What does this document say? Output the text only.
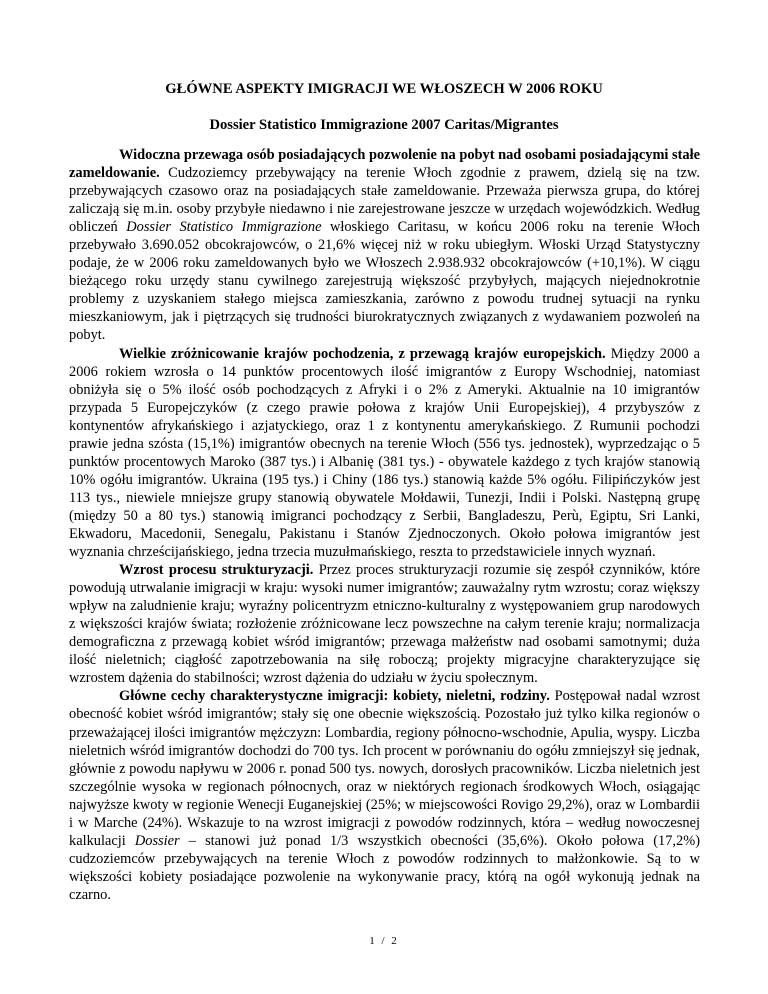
GŁÓWNE ASPEKTY IMIGRACJI WE WŁOSZECH W 2006 ROKU
Dossier Statistico Immigrazione 2007 Caritas/Migrantes

Widoczna przewaga osób posiadających pozwolenie na pobyt nad osobami posiadającymi stałe zameldowanie. Cudzoziemcy przebywający na terenie Włoch zgodnie z prawem, dzielą się na tzw. przebywających czasowo oraz na posiadających stałe zameldowanie. Przeważa pierwsza grupa, do której zaliczają się m.in. osoby przybyłe niedawno i nie zarejestrowane jeszcze w urzędach wojewódzkich. Według obliczeń Dossier Statistico Immigrazione włoskiego Caritasu, w końcu 2006 roku na terenie Włoch przebywało 3.690.052 obcokrajowców, o 21,6% więcej niż w roku ubiegłym. Włoski Urząd Statystyczny podaje, że w 2006 roku zameldowanych było we Włoszech 2.938.932 obcokrajowców (+10,1%). W ciągu bieżącego roku urzędy stanu cywilnego zarejestrują większość przybyłych, mających niejednokrotnie problemy z uzyskaniem stałego miejsca zamieszkania, zarówno z powodu trudnej sytuacji na rynku mieszkaniowym, jak i piętrzących się trudności biurokratycznych związanych z wydawaniem pozwoleń na pobyt.

Wielkie zróżnicowanie krajów pochodzenia, z przewagą krajów europejskich. Między 2000 a 2006 rokiem wzrosła o 14 punktów procentowych ilość imigrantów z Europy Wschodniej, natomiast obniżyła się o 5% ilość osób pochodzących z Afryki i o 2% z Ameryki. Aktualnie na 10 imigrantów przypada 5 Europejczyków (z czego prawie połowa z krajów Unii Europejskiej), 4 przybyszów z kontynentów afrykańskiego i azjatyckiego, oraz 1 z kontynentu amerykańskiego. Z Rumunii pochodzi prawie jedna szósta (15,1%) imigrantów obecnych na terenie Włoch (556 tys. jednostek), wyprzedzając o 5 punktów procentowych Maroko (387 tys.) i Albanię (381 tys.) - obywatele każdego z tych krajów stanowią 10% ogółu imigrantów. Ukraina (195 tys.) i Chiny (186 tys.) stanowią każde 5% ogółu. Filipińczyków jest 113 tys., niewiele mniejsze grupy stanowią obywatele Mołdawii, Tunezji, Indii i Polski. Następną grupę (między 50 a 80 tys.) stanowią imigranci pochodzący z Serbii, Bangladeszu, Perù, Egiptu, Sri Lanki, Ekwadoru, Macedonii, Senegalu, Pakistanu i Stanów Zjednoczonych. Około połowa imigrantów jest wyznania chrześcijańskiego, jedna trzecia muzułmańskiego, reszta to przedstawiciele innych wyznań.

Wzrost procesu strukturyzacji. Przez proces strukturyzacji rozumie się zespół czynników, które powodują utrwalanie imigracji w kraju: wysoki numer imigrantów; zauważalny rytm wzrostu; coraz większy wpływ na zaludnienie kraju; wyraźny policentryzm etniczno-kulturalny z występowaniem grup narodowych z większości krajów świata; rozłożenie zróżnicowane lecz powszechne na całym terenie kraju; normalizacja demograficzna z przewagą kobiet wśród imigrantów; przewaga małżeństw nad osobami samotnymi; duża ilość nieletnich; ciągłość zapotrzebowania na siłę roboczą; projekty migracyjne charakteryzujące się wzrostem dążenia do stabilności; wzrost dążenia do udziału w życiu społecznym.

Główne cechy charakterystyczne imigracji: kobiety, nieletni, rodziny. Postępował nadal wzrost obecność kobiet wśród imigrantów; stały się one obecnie większością. Pozostało już tylko kilka regionów o przeważającej ilości imigrantów mężczyzn: Lombardia, regiony północno-wschodnie, Apulia, wyspy. Liczba nieletnich wśród imigrantów dochodzi do 700 tys. Ich procent w porównaniu do ogółu zmniejszył się jednak, głównie z powodu napływu w 2006 r. ponad 500 tys. nowych, dorosłych pracowników. Liczba nieletnich jest szczególnie wysoka w regionach północnych, oraz w niektórych regionach środkowych Włoch, osiągając najwyższe kwoty w regionie Wenecji Euganejskiej (25%; w miejscowości Rovigo 29,2%), oraz w Lombardii i w Marche (24%). Wskazuje to na wzrost imigracji z powodów rodzinnych, która – według nowoczesnej kalkulacji Dossier – stanowi już ponad 1/3 wszystkich obecności (35,6%). Około połowa (17,2%) cudzoziemców przebywających na terenie Włoch z powodów rodzinnych to małżonkowie. Są to w większości kobiety posiadające pozwolenie na wykonywanie pracy, którą na ogół wykonują jednak na czarno.

1 / 2
